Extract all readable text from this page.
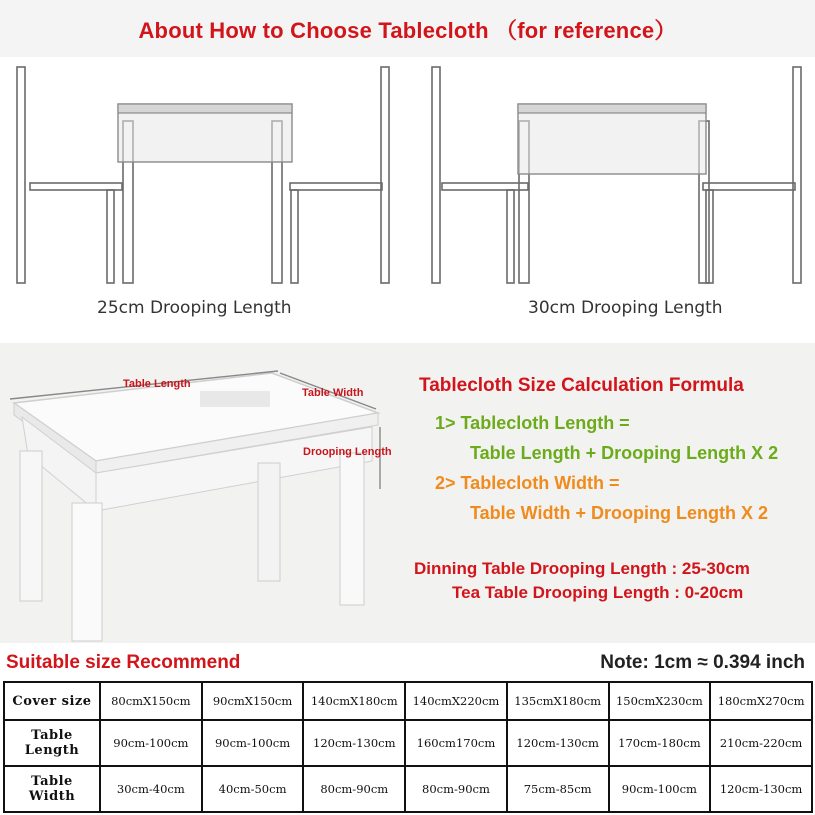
About How to Choose Tablecloth （for reference）
25cm Drooping Length	30cm Drooping Length
Table Length
Table Width
Drooping Length
Tablecloth Size Calculation Formula
1> Tablecloth Length =
Table Length + Drooping Length X 2
2> Tablecloth Width =
Table Width + Drooping Length X 2
Dinning Table Drooping Length : 25-30cm
Tea Table Drooping Length : 0-20cm
Suitable size Recommend	Note: 1cm ≈ 0.394 inch
Cover size	80cmX150cm	90cmX150cm	140cmX180cm	140cmX220cm	135cmX180cm	150cmX230cm	180cmX270cm

Table
Length	90cm-100cm	90cm-100cm	120cm-130cm	160cm170cm	120cm-130cm	170cm-180cm	210cm-220cm

Table
Width	30cm-40cm	40cm-50cm	80cm-90cm	80cm-90cm	75cm-85cm	90cm-100cm	120cm-130cm
